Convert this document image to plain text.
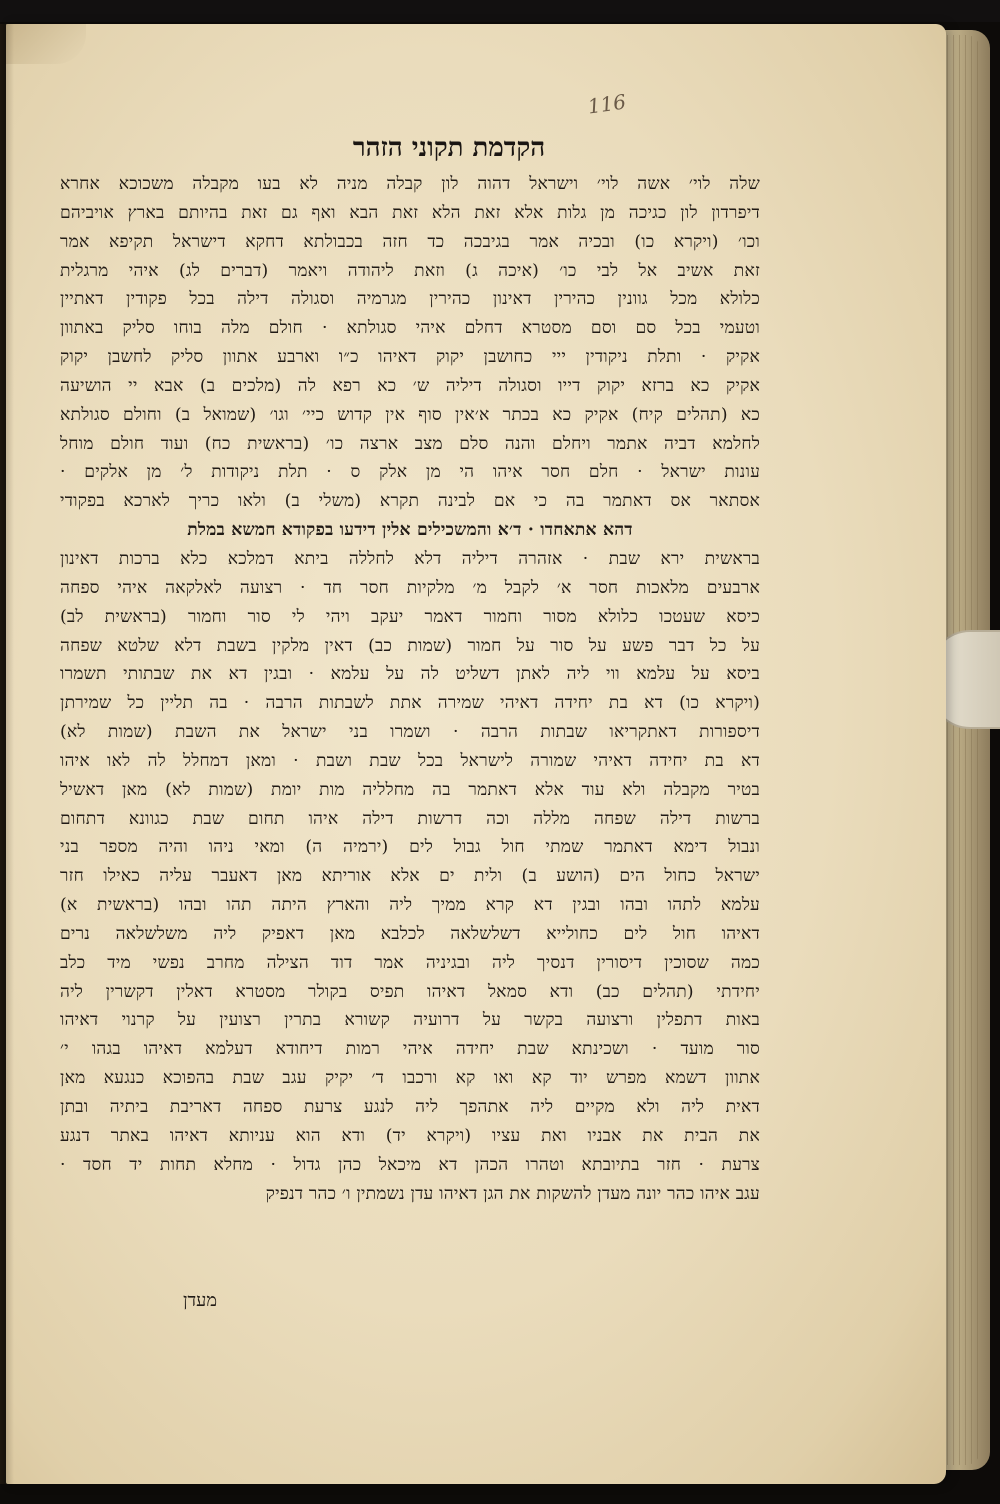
116
הקדמת תקוני הזהר
שלה לוי׳ אשה לוי׳ וישראל דהוה לון קבלה מניה לא בעו מקבלה משכוכא אחרא
דיפרדון לון כגיכה מן גלות אלא זאת הלא זאת הבא ואף גם זאת בהיותם בארץ אויביהם
וכו׳ (ויקרא כו) ובכיה אמר בגיבכה כד חזה בכבולתא דחקא דישראל תקיפא אמר
זאת אשיב אל לבי כו׳ (איכה ג) וזאת ליהודה ויאמר (דברים לג) איהי מרגלית
כלולא מכל גוונין כהירין דאינון כהירין מגרמיה וסגולה דילה בכל פקודין דאתיין
וטעמי בכל סם וסם מסטרא דחלם איהי סגולתא · חולם מלה בוחו סליק באתוון
אקיק · ותלת ניקודין ייי כחושבן יקוק דאיהו כ״ו וארבע אתוון סליק לחשבן יקוק
אקיק כא ברזא יקוק דייו וסגולה דיליה ש׳ כא רפא לה (מלכים ב) אבא יי הושיעה
כא (תהלים קיח) אקיק כא בכתר א׳אין סוף אין קדוש כיי׳ וגו׳ (שמואל ב) וחולם סגולתא
לחלמא דביה אתמר ויחלם והנה סלם מצב ארצה כו׳ (בראשית כח) ועוד חולם מוחל
עונות ישראל · חלם חסר איהו הי מן אלק ס · תלת ניקודות ל׳ מן אלקים ·
אסתאר אס דאתמר בה כי אם לבינה תקרא (משלי ב) ולאו כריך לארכא בפקודי
דהא אתאחדו · ד׳א והמשכילים אלין דידעו בפקודא חמשא במלת
בראשית ירא שבת · אזהרה דיליה דלא לחללה ביתא דמלכא כלא ברכות דאינון
ארבעים מלאכות חסר א׳ לקבל מ׳ מלקיות חסר חד · רצועה לאלקאה איהי ספחה
כיסא שעטכו כלולא מסור וחמור דאמר יעקב ויהי לי סור וחמור (בראשית לב)
על כל דבר פשע על סור על חמור (שמות כב) דאין מלקין בשבת דלא שלטא שפחה
ביסא על עלמא ווי ליה לאתן דשליט לה על עלמא · ובגין דא את שבתותי תשמרו
(ויקרא כו) דא בת יחידה דאיהי שמירה אתת לשבתות הרבה · בה תליין כל שמירתן
דיספורות דאתקריאו שבתות הרבה · ושמרו בני ישראל את השבת (שמות לא)
דא בת יחידה דאיהי שמורה לישראל בכל שבת ושבת · ומאן דמחלל לה לאו איהו
בטיר מקבלה ולא עוד אלא דאתמר בה מחלליה מות יומת (שמות לא) מאן דאשיל
ברשות דילה שפחה מללה וכה דרשות דילה איהו תחום שבת כגוונא דתחום
ונבול דימא דאתמר שמתי חול גבול לים (ירמיה ה) ומאי ניהו והיה מספר בני
ישראל כחול הים (הושע ב) ולית ים אלא אוריתא מאן דאעבר עליה כאילו חזר
עלמא לתהו ובהו ובגין דא קרא ממיך ליה והארץ היתה תהו ובהו (בראשית א)
דאיהו חול לים כחולייא דשלשלאה לכלבא מאן דאפיק ליה משלשלאה נרים
כמה שסוכין דיסורין דנסיך ליה ובגיניה אמר דוד הצילה מחרב נפשי מיד כלב
יחידתי (תהלים כב) ודא סמאל דאיהו תפיס בקולר מסטרא דאלין דקשרין ליה
באות דתפלין ורצועה בקשר על דרועיה קשורא בתרין רצועין על קרנוי דאיהו
סור מועד · ושכינתא שבת יחידה איהי רמות דיחודא דעלמא דאיהו בגהו י׳
אתוון דשמא מפרש יוד קא ואו קא ורכבו ד׳ יקיק עגב שבת בהפוכא כנגעא מאן
דאית ליה ולא מקיים ליה אתהפך ליה לנגע צרעת ספחה דאריבת ביתיה ובתן
את הבית את אבניו ואת עציו (ויקרא יד) ודא הוא עניותא דאיהו באתר דנגע
צרעת · חזר בתיובתא וטהרו הכהן דא מיכאל כהן גדול · מחלא תחות יד חסד ·
עגב איהו כהר יונה מעדן להשקות את הגן דאיהו עדן נשמתין ו׳ כהר דנפיק
מעדן
